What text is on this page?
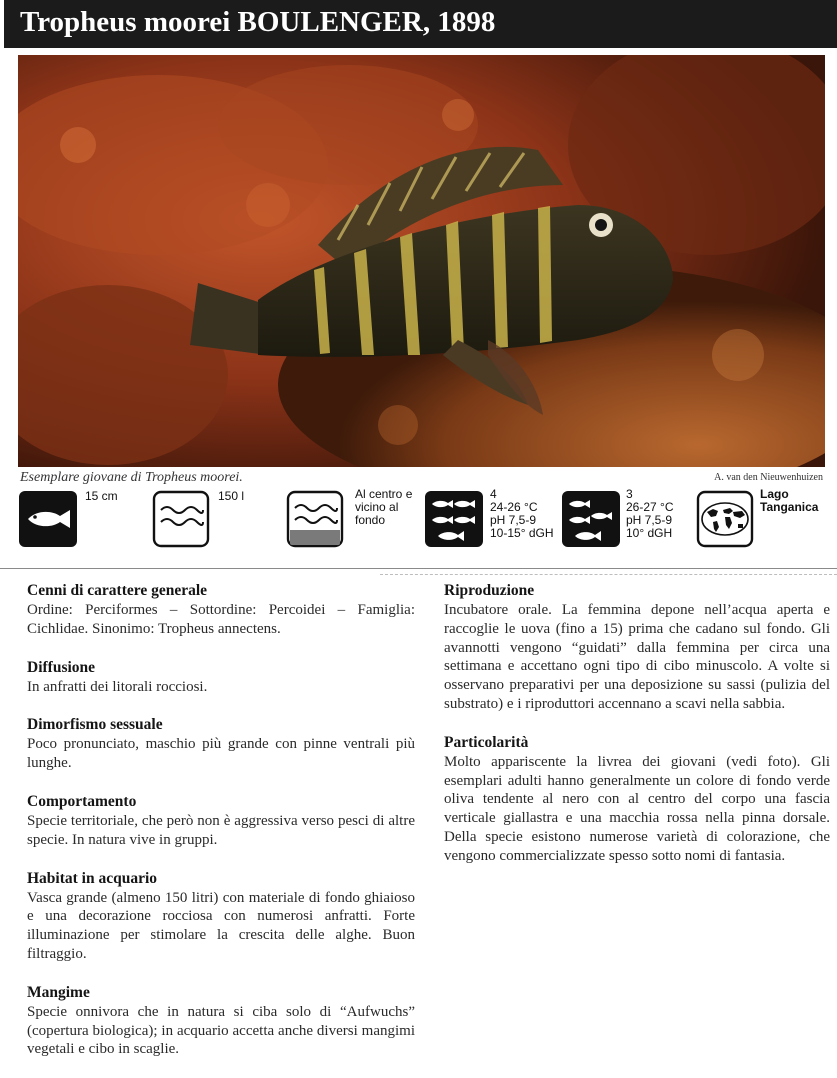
Tropheus moorei BOULENGER, 1898
Esemplare giovane di Tropheus moorei.	A. van den Nieuwenhuizen
15 cm	150 l	Al centro e
vicino al
fondo
4
24-26 °C
pH 7,5-9
10-15° dGH
3
26-27 °C
pH 7,5-9
10° dGH
Lago
Tanganica
Cenni di carattere generale

Ordine: Perciformes – Sottordine: Percoidei – Famiglia: Cichlidae. Sinonimo: Tropheus annectens.

Diffusione

In anfratti dei litorali rocciosi.

Dimorfismo sessuale

Poco pronunciato, maschio più grande con pinne ventrali più lunghe.

Comportamento

Specie territoriale, che però non è aggressiva verso pesci di altre specie. In natura vive in gruppi.

Habitat in acquario

Vasca grande (almeno 150 litri) con materiale di fondo ghiaioso e una decorazione rocciosa con numerosi anfratti. Forte illuminazione per stimolare la crescita delle alghe. Buon filtraggio.

Mangime

Specie onnivora che in natura si ciba solo di “Aufwuchs” (copertura biologica); in acquario accetta anche diversi mangimi vegetali e cibo in scaglie.

Riproduzione

Incubatore orale. La femmina depone nell’acqua aperta e raccoglie le uova (fino a 15) prima che cadano sul fondo. Gli avannotti vengono “guidati” dalla femmina per circa una settimana e accettano ogni tipo di cibo minuscolo. A volte si osservano preparativi per una deposizione su sassi (pulizia del substrato) e i riproduttori accennano a scavi nella sabbia.

Particolarità

Molto appariscente la livrea dei giovani (vedi foto). Gli esemplari adulti hanno generalmente un colore di fondo verde oliva tendente al nero con al centro del corpo una fascia verticale giallastra e una macchia rossa nella pinna dorsale. Della specie esistono numerose varietà di colorazione, che vengono commercializzate spesso sotto nomi di fantasia.
